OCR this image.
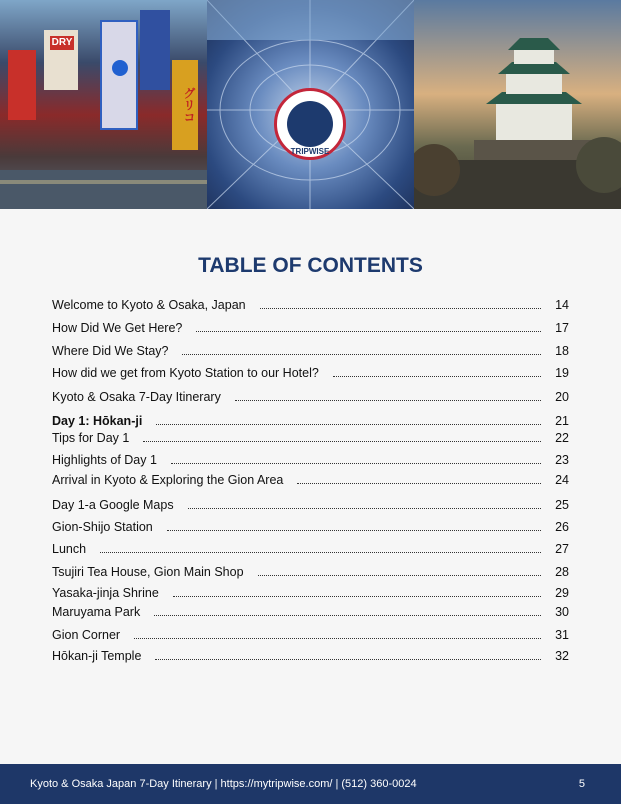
DRY
グリコ
TRIPWISE
TABLE OF CONTENTS
Welcome to Kyoto & Osaka, Japan	14
How Did We Get Here?	17
Where Did We Stay?	18
How did we get from Kyoto Station to our Hotel?	19
Kyoto & Osaka 7-Day Itinerary	20
Day 1: Hōkan-ji	21
Tips for Day 1	22
Highlights of Day 1	23
Arrival in Kyoto & Exploring the Gion Area	24
Day 1-a Google Maps	25
Gion-Shijo Station	26
Lunch	27
Tsujiri Tea House, Gion Main Shop	28
Yasaka-jinja Shrine	29
Maruyama Park	30
Gion Corner	31
Hōkan-ji Temple	32
Kyoto & Osaka Japan 7-Day Itinerary | https://mytripwise.com/ | (512) 360-0024	5
